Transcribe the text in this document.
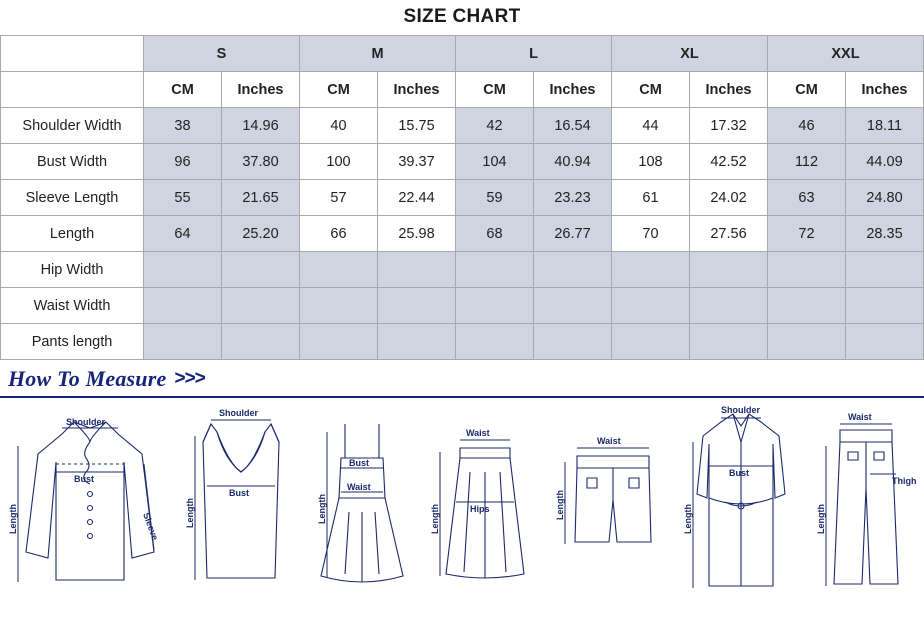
SIZE CHART
	S		M		L		XL		XXL	
	CM	Inches	CM	Inches	CM	Inches	CM	Inches	CM	Inches
Shoulder Width	38	14.96	40	15.75	42	16.54	44	17.32	46	18.11
Bust Width	96	37.80	100	39.37	104	40.94	108	42.52	112	44.09
Sleeve Length	55	21.65	57	22.44	59	23.23	61	24.02	63	24.80
Length	64	25.20	66	25.98	68	26.77	70	27.56	72	28.35
Hip Width										
Waist Width										
Pants length										
How To Measure >>>
Shoulder
Bust
Sleeve
Length
Shoulder
Bust
Length
Bust
Waist
Length
Waist
Hips
Length
Waist
Length
Shoulder
Bust
Length
Waist
Thigh
Length
